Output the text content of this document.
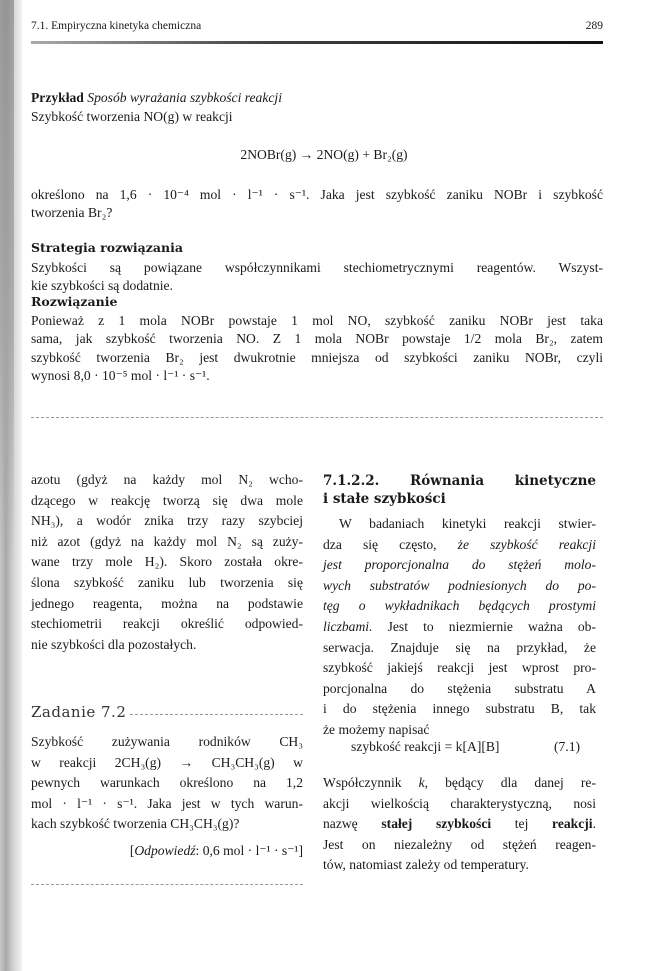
7.1. Empiryczna kinetyka chemiczna	289
Przykład Sposób wyrażania szybkości reakcji
Szybkość tworzenia NO(g) w reakcji
2NOBr(g) → 2NO(g) + Br₂(g)
określono na 1,6 · 10⁻⁴ mol · l⁻¹ · s⁻¹. Jaka jest szybkość zaniku NOBr i szybkość
tworzenia Br₂?
Strategia rozwiązania
Szybkości są powiązane współczynnikami stechiometrycznymi reagentów. Wszyst-
kie szybkości są dodatnie.
Rozwiązanie
Ponieważ z 1 mola NOBr powstaje 1 mol NO, szybkość zaniku NOBr jest taka
sama, jak szybkość tworzenia NO. Z 1 mola NOBr powstaje 1/2 mola Br₂, zatem
szybkość tworzenia Br₂ jest dwukrotnie mniejsza od szybkości zaniku NOBr, czyli
wynosi 8,0 · 10⁻⁵ mol · l⁻¹ · s⁻¹.
azotu (gdyż na każdy mol N₂ wcho-
dzącego w reakcję tworzą się dwa mole
NH₃), a wodór znika trzy razy szybciej
niż azot (gdyż na każdy mol N₂ są zuży-
wane trzy mole H₂). Skoro została okre-
ślona szybkość zaniku lub tworzenia się
jednego reagenta, można na podstawie
stechiometrii reakcji określić odpowied-
nie szybkości dla pozostałych.
Zadanie 7.2
Szybkość zużywania rodników CH₃
w reakcji 2CH₃(g) → CH₃CH₃(g) w
pewnych warunkach określono na 1,2
mol · l⁻¹ · s⁻¹. Jaka jest w tych warun-
kach szybkość tworzenia CH₃CH₃(g)?
[Odpowiedź: 0,6 mol · l⁻¹ · s⁻¹]
7.1.2.2. Równania kinetyczne
i stałe szybkości
W badaniach kinetyki reakcji stwier-
dza się często, że szybkość reakcji
jest proporcjonalna do stężeń molo-
wych substratów podniesionych do po-
tęg o wykładnikach będących prostymi
liczbami. Jest to niezmiernie ważna ob-
serwacja. Znajduje się na przykład, że
szybkość jakiejś reakcji jest wprost pro-
porcjonalna do stężenia substratu A
i do stężenia innego substratu B, tak
że możemy napisać
szybkość reakcji = k[A][B]	(7.1)
Współczynnik k, będący dla danej re-
akcji wielkością charakterystyczną, nosi
nazwę stałej szybkości tej reakcji.
Jest on niezależny od stężeń reagen-
tów, natomiast zależy od temperatury.
